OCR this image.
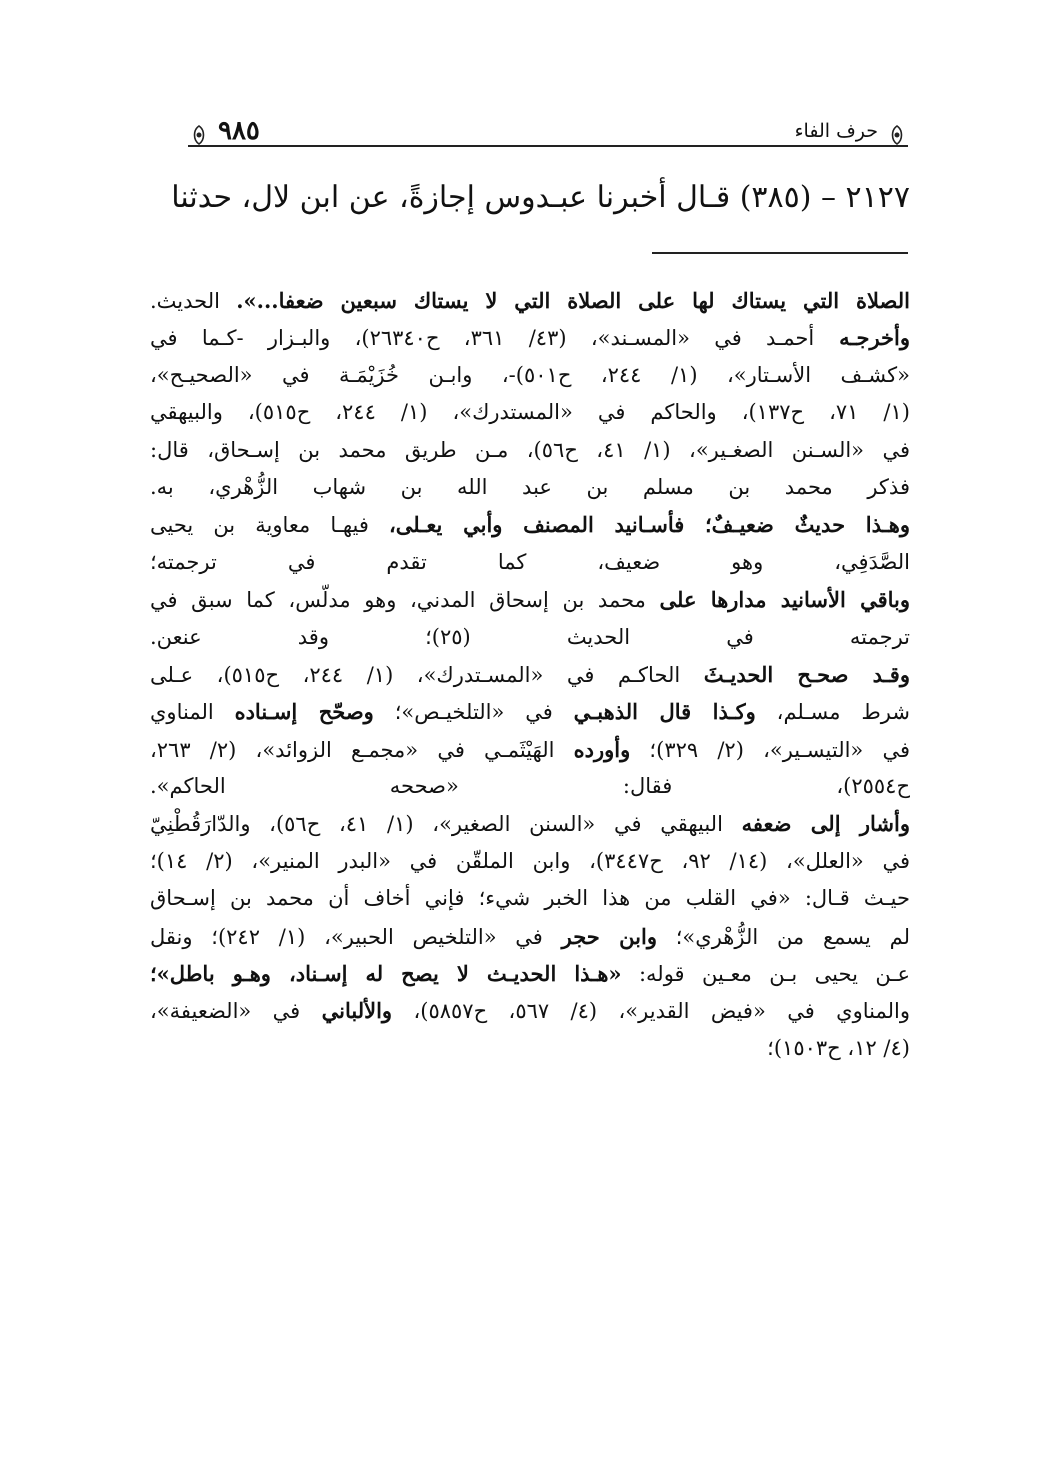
٩٨٥	حرف الفاء
٢١٢٧ – (٣٨٥) قـال أخبرنا عبـدوس إجازةً، عن ابن لال، حدثنا
الصلاة التي يستاك لها على الصلاة التي لا يستاك سبعين ضعفا...». الحديث.
وأخرجـه أحمـد في «المسـند»، (٤٣/ ٣٦١، ح٢٦٣٤٠)، والبـزار -كـما في
«كشـف الأسـتار»، (١/ ٢٤٤، ح٥٠١)-، وابـن خُزَيْمَـة في «الصحيـح»،
(١/ ٧١، ح١٣٧)، والحاكم في «المستدرك»، (١/ ٢٤٤، ح٥١٥)، والبيهقي
في «السـنن الصغـير»، (١/ ٤١، ح٥٦)، مـن طريق محمد بن إسـحاق، قال:
فذكر محمد بن مسلم بن عبد الله بن شهاب الزُّهْري، به.
وهـذا حديثٌ ضعيـفٌ؛ فأسـانيد المصنف وأبي يعـلى، فيهـا معاوية بن يحيى
الصَّدَفِي، وهو ضعيف، كما تقدم في ترجمته؛
وباقي الأسانيد مدارها على محمد بن إسحاق المدني، وهو مدلّس، كما سبق في
ترجمته في الحديث (٢٥)؛ وقد عنعن.
وقـد صحـح الحديـثَ الحاكـم في «المسـتدرك»، (١/ ٢٤٤، ح٥١٥)، عـلى
شرط مسـلم، وكـذا قال الذهبـي في «التلخيـص»؛ وصحّح إسـناده المناوي
في «التيسـير»، (٢/ ٣٢٩)؛ وأورده الهَيْثَمـي في «مجمـع الزوائد»، (٢/ ٢٦٣،
ح٢٥٥٤)، فقال: «صححه الحاكم».
وأشار إلى ضعفه البيهقي في «السنن الصغير»، (١/ ٤١، ح٥٦)، والدّارَقُطْنِيّ
في «العلل»، (١٤/ ٩٢، ح٣٤٤٧)، وابن الملقّن في «البدر المنير»، (٢/ ١٤)؛
حيـث قـال: «في القلب من هذا الخبر شيء؛ فإني أخاف أن محمد بن إسـحاق
لم يسمع من الزُّهْري»؛ وابن حجر في «التلخيص الحبير»، (١/ ٢٤٢)؛ ونقل
عـن يحيى بـن معـين قوله: «هـذا الحديـث لا يصح له إسـناد، وهـو باطل»؛
والمناوي في «فيض القدير»، (٤/ ٥٦٧، ح٥٨٥٧)، والألباني في «الضعيفة»،
(٤/ ١٢، ح١٥٠٣)؛
